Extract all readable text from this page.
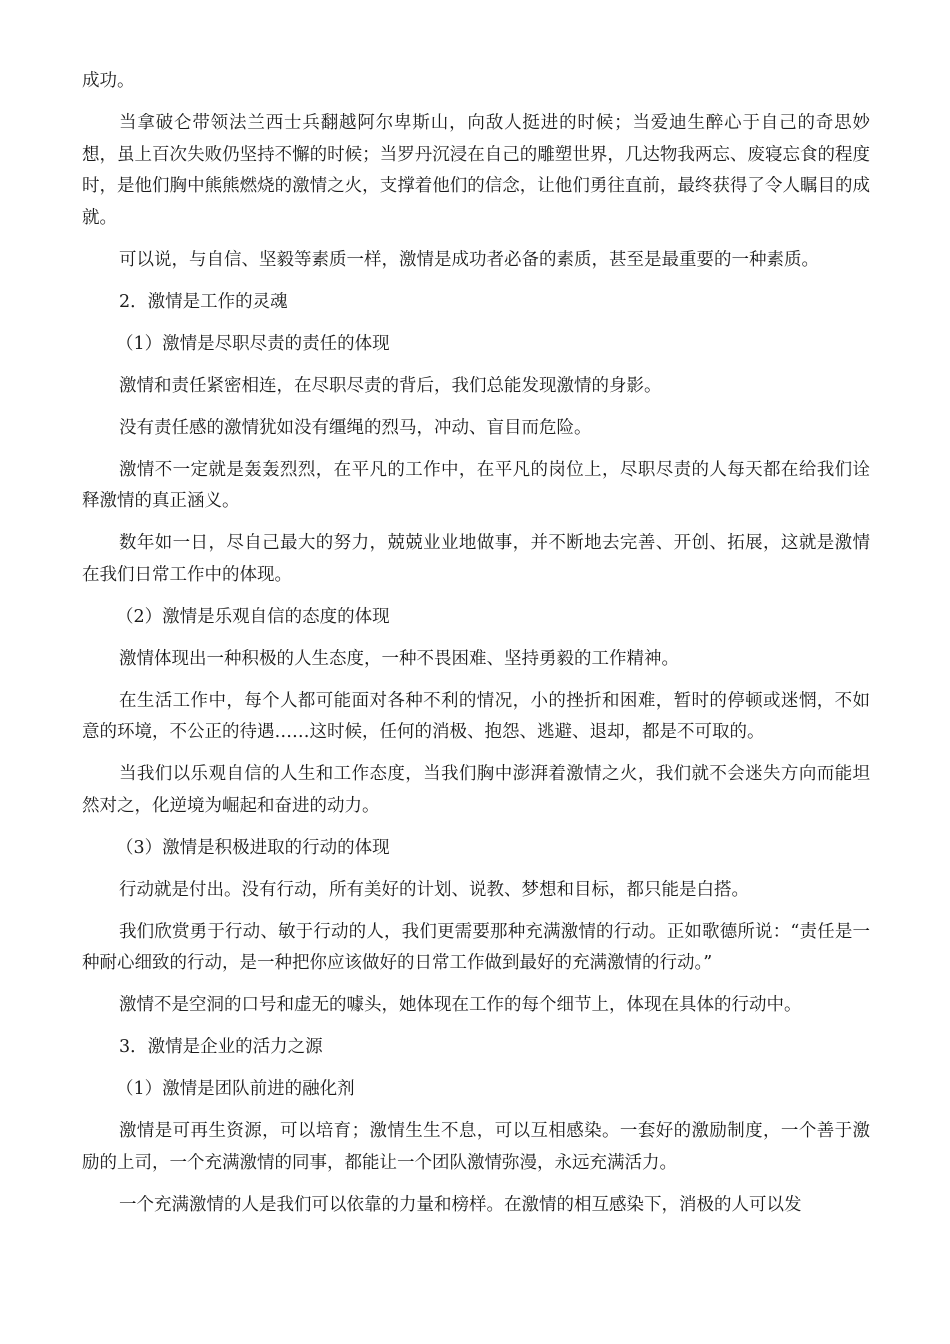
成功。

当拿破仑带领法兰西士兵翻越阿尔卑斯山，向敌人挺进的时候；当爱迪生醉心于自己的奇思妙想，虽上百次失败仍坚持不懈的时候；当罗丹沉浸在自己的雕塑世界，几达物我两忘、废寝忘食的程度时，是他们胸中熊熊燃烧的激情之火，支撑着他们的信念，让他们勇往直前，最终获得了令人瞩目的成就。

可以说，与自信、坚毅等素质一样，激情是成功者必备的素质，甚至是最重要的一种素质。

2．激情是工作的灵魂

（1）激情是尽职尽责的责任的体现

激情和责任紧密相连，在尽职尽责的背后，我们总能发现激情的身影。

没有责任感的激情犹如没有缰绳的烈马，冲动、盲目而危险。

激情不一定就是轰轰烈烈，在平凡的工作中，在平凡的岗位上，尽职尽责的人每天都在给我们诠释激情的真正涵义。

数年如一日，尽自己最大的努力，兢兢业业地做事，并不断地去完善、开创、拓展，这就是激情在我们日常工作中的体现。

（2）激情是乐观自信的态度的体现

激情体现出一种积极的人生态度，一种不畏困难、坚持勇毅的工作精神。

在生活工作中，每个人都可能面对各种不利的情况，小的挫折和困难，暂时的停顿或迷惘，不如意的环境，不公正的待遇……这时候，任何的消极、抱怨、逃避、退却，都是不可取的。

当我们以乐观自信的人生和工作态度，当我们胸中澎湃着激情之火，我们就不会迷失方向而能坦然对之，化逆境为崛起和奋进的动力。

（3）激情是积极进取的行动的体现

行动就是付出。没有行动，所有美好的计划、说教、梦想和目标，都只能是白搭。

我们欣赏勇于行动、敏于行动的人，我们更需要那种充满激情的行动。正如歌德所说：“责任是一种耐心细致的行动，是一种把你应该做好的日常工作做到最好的充满激情的行动。”

激情不是空洞的口号和虚无的噱头，她体现在工作的每个细节上，体现在具体的行动中。

3．激情是企业的活力之源

（1）激情是团队前进的融化剂

激情是可再生资源，可以培育；激情生生不息，可以互相感染。一套好的激励制度，一个善于激励的上司，一个充满激情的同事，都能让一个团队激情弥漫，永远充满活力。

一个充满激情的人是我们可以依靠的力量和榜样。在激情的相互感染下，消极的人可以发
